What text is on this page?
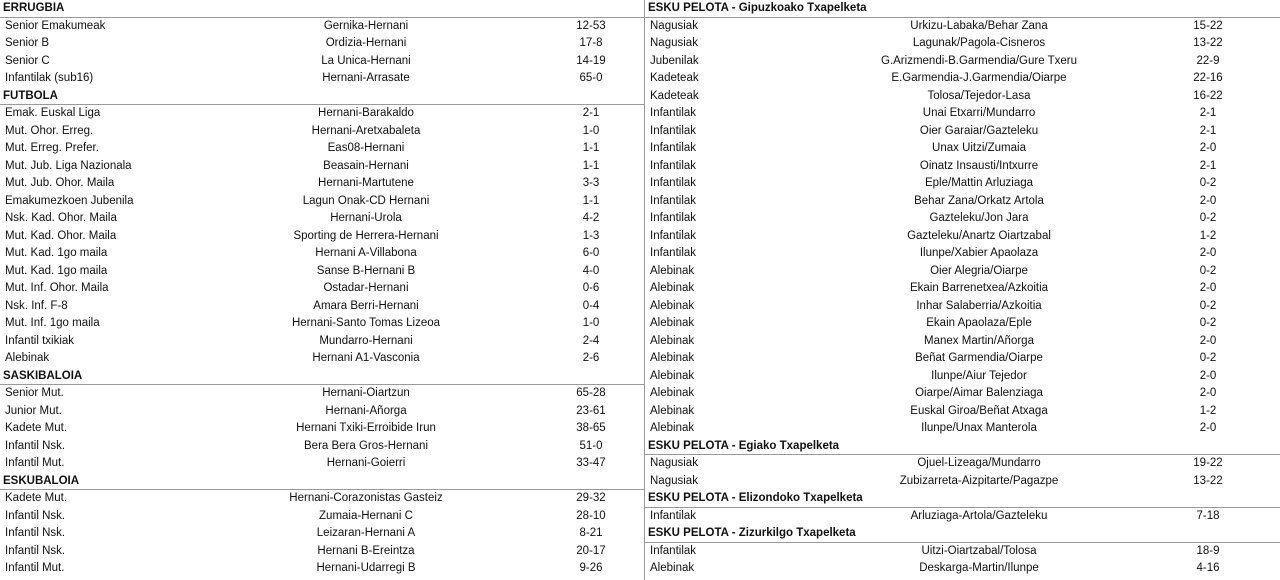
ERRUGBIA
Senior Emakumeak	Gernika-Hernani	12-53
Senior B	Ordizia-Hernani	17-8
Senior C	La Unica-Hernani	14-19
Infantilak (sub16)	Hernani-Arrasate	65-0
FUTBOLA
Emak. Euskal Liga	Hernani-Barakaldo	2-1
Mut. Ohor. Erreg.	Hernani-Aretxabaleta	1-0
Mut. Erreg. Prefer.	Eas08-Hernani	1-1
Mut. Jub. Liga Nazionala	Beasain-Hernani	1-1
Mut. Jub. Ohor. Maila	Hernani-Martutene	3-3
Emakumezkoen Jubenila	Lagun Onak-CD Hernani	1-1
Nsk. Kad. Ohor. Maila	Hernani-Urola	4-2
Mut. Kad. Ohor. Maila	Sporting de Herrera-Hernani	1-3
Mut. Kad. 1go maila	Hernani A-Villabona	6-0
Mut. Kad. 1go maila	Sanse B-Hernani B	4-0
Mut. Inf. Ohor. Maila	Ostadar-Hernani	0-6
Nsk. Inf. F-8	Amara Berri-Hernani	0-4
Mut. Inf. 1go maila	Hernani-Santo Tomas Lizeoa	1-0
Infantil txikiak	Mundarro-Hernani	2-4
Alebinak	Hernani A1-Vasconia	2-6
SASKIBALOIA
Senior Mut.	Hernani-Oiartzun	65-28
Junior Mut.	Hernani-Añorga	23-61
Kadete Mut.	Hernani Txiki-Erroibide Irun	38-65
Infantil Nsk.	Bera Bera Gros-Hernani	51-0
Infantil Mut.	Hernani-Goierri	33-47
ESKUBALOIA
Kadete Mut.	Hernani-Corazonistas Gasteiz	29-32
Infantil Nsk.	Zumaia-Hernani C	28-10
Infantil Nsk.	Leizaran-Hernani A	8-21
Infantil Nsk.	Hernani B-Ereintza	20-17
Infantil Mut.	Hernani-Udarregi B	9-26
ESKU PELOTA - Gipuzkoako Txapelketa
Nagusiak	Urkizu-Labaka/Behar Zana	15-22
Nagusiak	Lagunak/Pagola-Cisneros	13-22
Jubenilak	G.Arizmendi-B.Garmendia/Gure Txeru	22-9
Kadeteak	E.Garmendia-J.Garmendia/Oiarpe	22-16
Kadeteak	Tolosa/Tejedor-Lasa	16-22
Infantilak	Unai Etxarri/Mundarro	2-1
Infantilak	Oier Garaiar/Gazteleku	2-1
Infantilak	Unax Uitzi/Zumaia	2-0
Infantilak	Oinatz Insausti/Intxurre	2-1
Infantilak	Eple/Mattin Arluziaga	0-2
Infantilak	Behar Zana/Orkatz Artola	2-0
Infantilak	Gazteleku/Jon Jara	0-2
Infantilak	Gazteleku/Anartz Oiartzabal	1-2
Infantilak	Ilunpe/Xabier Apaolaza	2-0
Alebinak	Oier Alegria/Oiarpe	0-2
Alebinak	Ekain Barrenetxea/Azkoitia	2-0
Alebinak	Inhar Salaberria/Azkoitia	0-2
Alebinak	Ekain Apaolaza/Eple	0-2
Alebinak	Manex Martin/Añorga	2-0
Alebinak	Beñat Garmendia/Oiarpe	0-2
Alebinak	Ilunpe/Aiur Tejedor	2-0
Alebinak	Oiarpe/Aimar Balenziaga	2-0
Alebinak	Euskal Giroa/Beñat Atxaga	1-2
Alebinak	Ilunpe/Unax Manterola	2-0
ESKU PELOTA - Egiako Txapelketa
Nagusiak	Ojuel-Lizeaga/Mundarro	19-22
Nagusiak	Zubizarreta-Aizpitarte/Pagazpe	13-22
ESKU PELOTA - Elizondoko Txapelketa
Infantilak	Arluziaga-Artola/Gazteleku	7-18
ESKU PELOTA - Zizurkilgo Txapelketa
Infantilak	Uitzi-Oiartzabal/Tolosa	18-9
Alebinak	Deskarga-Martin/Ilunpe	4-16
